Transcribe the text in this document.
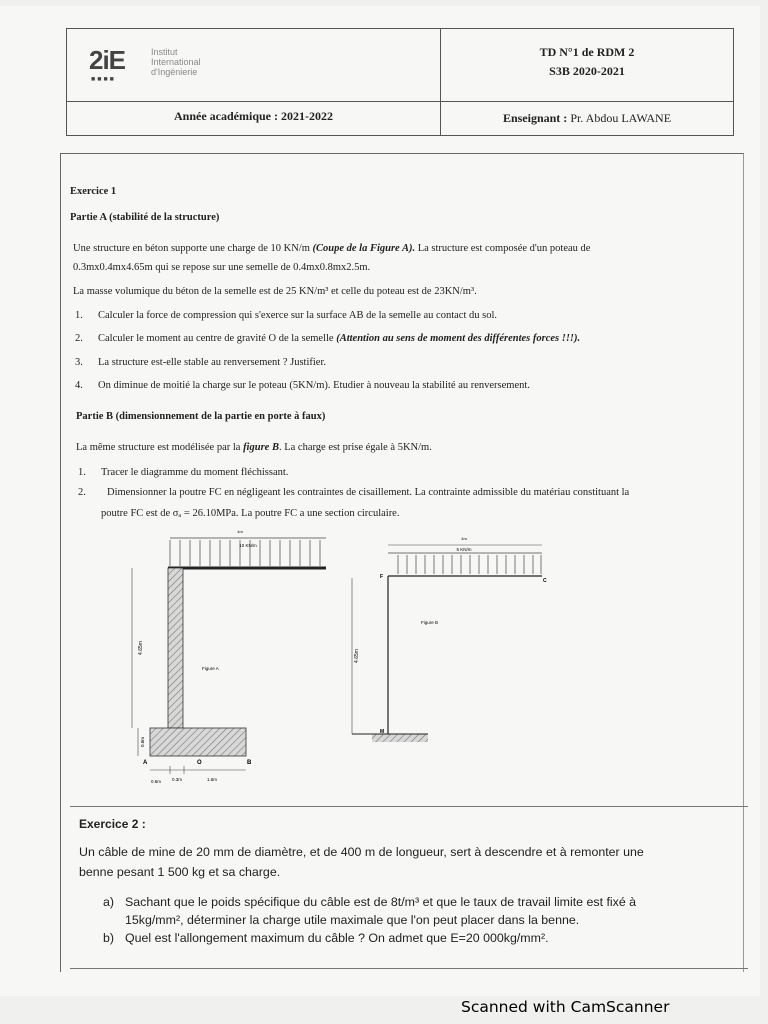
2iE	Institut
International
d'Ingénierie
■■■■
TD N°1 de RDM 2
S3B 2020-2021
Année académique : 2021-2022	Enseignant : Pr. Abdou LAWANE
Exercice 1
Partie A (stabilité de la structure)
Une structure en béton supporte une charge de 10 KN/m (Coupe de la Figure A). La structure est composée d'un poteau de
0.3mx0.4mx4.65m qui se repose sur une semelle de 0.4mx0.8mx2.5m.
La masse volumique du béton de la semelle est de 25 KN/m³ et celle du poteau est de 23KN/m³.
1. Calculer la force de compression qui s'exerce sur la surface AB de la semelle au contact du sol.
2. Calculer le moment au centre de gravité O de la semelle (Attention au sens de moment des différentes forces !!!).
3. La structure est-elle stable au renversement ? Justifier.
4. On diminue de moitié la charge sur le poteau (5KN/m). Etudier à nouveau la stabilité au renversement.
Partie B (dimensionnement de la partie en porte à faux)
La même structure est modélisée par la figure B. La charge est prise égale à 5KN/m.
1. Tracer le diagramme du moment fléchissant.
2. Dimensionner la poutre FC en négligeant les contraintes de cisaillement. La contrainte admissible du matériau constituant la
poutre FC est de σₐ = 26.10MPa. La poutre FC a une section circulaire.
4m
10 KN/m
4.65m
0.8m
Figure A
A	O	B
0.6m 0.3m	1.6m
4m
5 KN/m
4.65m
Figure B
F
C
M
Exercice 2 :
Un câble de mine de 20 mm de diamètre, et de 400 m de longueur, sert à descendre et à remonter une
benne pesant 1 500 kg et sa charge.
a) Sachant que le poids spécifique du câble est de 8t/m³ et que le taux de travail limite est fixé à
15kg/mm², déterminer la charge utile maximale que l'on peut placer dans la benne.
b) Quel est l'allongement maximum du câble ? On admet que E=20 000kg/mm².
Scanned with CamScanner
